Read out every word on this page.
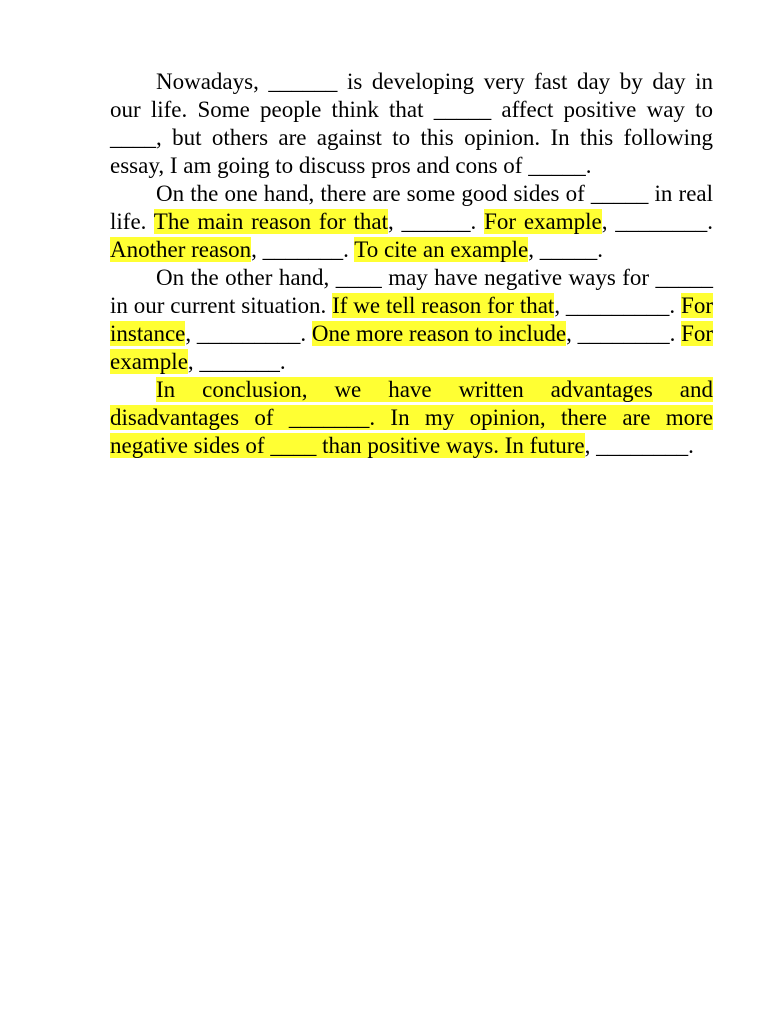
Nowadays, ______ is developing very fast day by day in our life. Some people think that _____ affect positive way to ____, but others are against to this opinion. In this following essay, I am going to discuss pros and cons of _____.

On the one hand, there are some good sides of _____ in real life. The main reason for that, ______. For example, ________. Another reason, _______. To cite an example, _____.

On the other hand, ____ may have negative ways for _____ in our current situation. If we tell reason for that, _________. For instance, _________. One more reason to include, ________. For example, _______.

In conclusion, we have written advantages and disadvantages of _______. In my opinion, there are more negative sides of ____ than positive ways. In future, ________.
